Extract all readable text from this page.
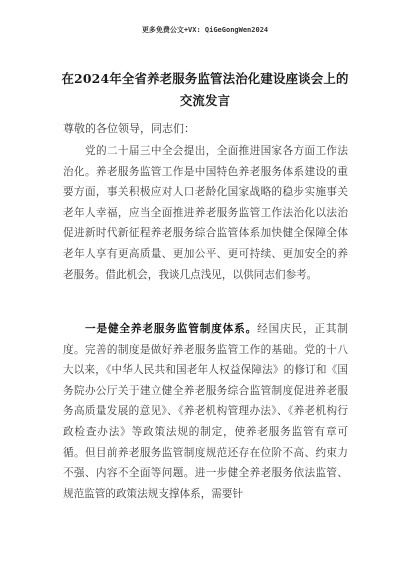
更多免费公文+VX: QiGeGongWen2024
在2024年全省养老服务监管法治化建设座谈会上的交流发言
尊敬的各位领导，同志们：
党的二十届三中全会提出，全面推进国家各方面工作法治化。养老服务监管工作是中国特色养老服务体系建设的重要方面，事关积极应对人口老龄化国家战略的稳步实施事关老年人幸福，应当全面推进养老服务监管工作法治化以法治促进新时代新征程养老服务综合监管体系加快健全保障全体老年人享有更高质量、更加公平、更可持续、更加安全的养老服务。借此机会，我谈几点浅见，以供同志们参考。
一是健全养老服务监管制度体系。经国庆民，正其制度。完善的制度是做好养老服务监管工作的基础。党的十八大以来，《中华人民共和国老年人权益保障法》的修订和《国务院办公厅关于建立健全养老服务综合监管制度促进养老服务高质量发展的意见》、《养老机构管理办法》、《养老机构行政检查办法》等政策法规的制定，使养老服务监管有章可循。但目前养老服务监管制度规范还存在位阶不高、约束力不强、内容不全面等问题。进一步健全养老服务依法监管、规范监管的政策法规支撑体系，需要针
